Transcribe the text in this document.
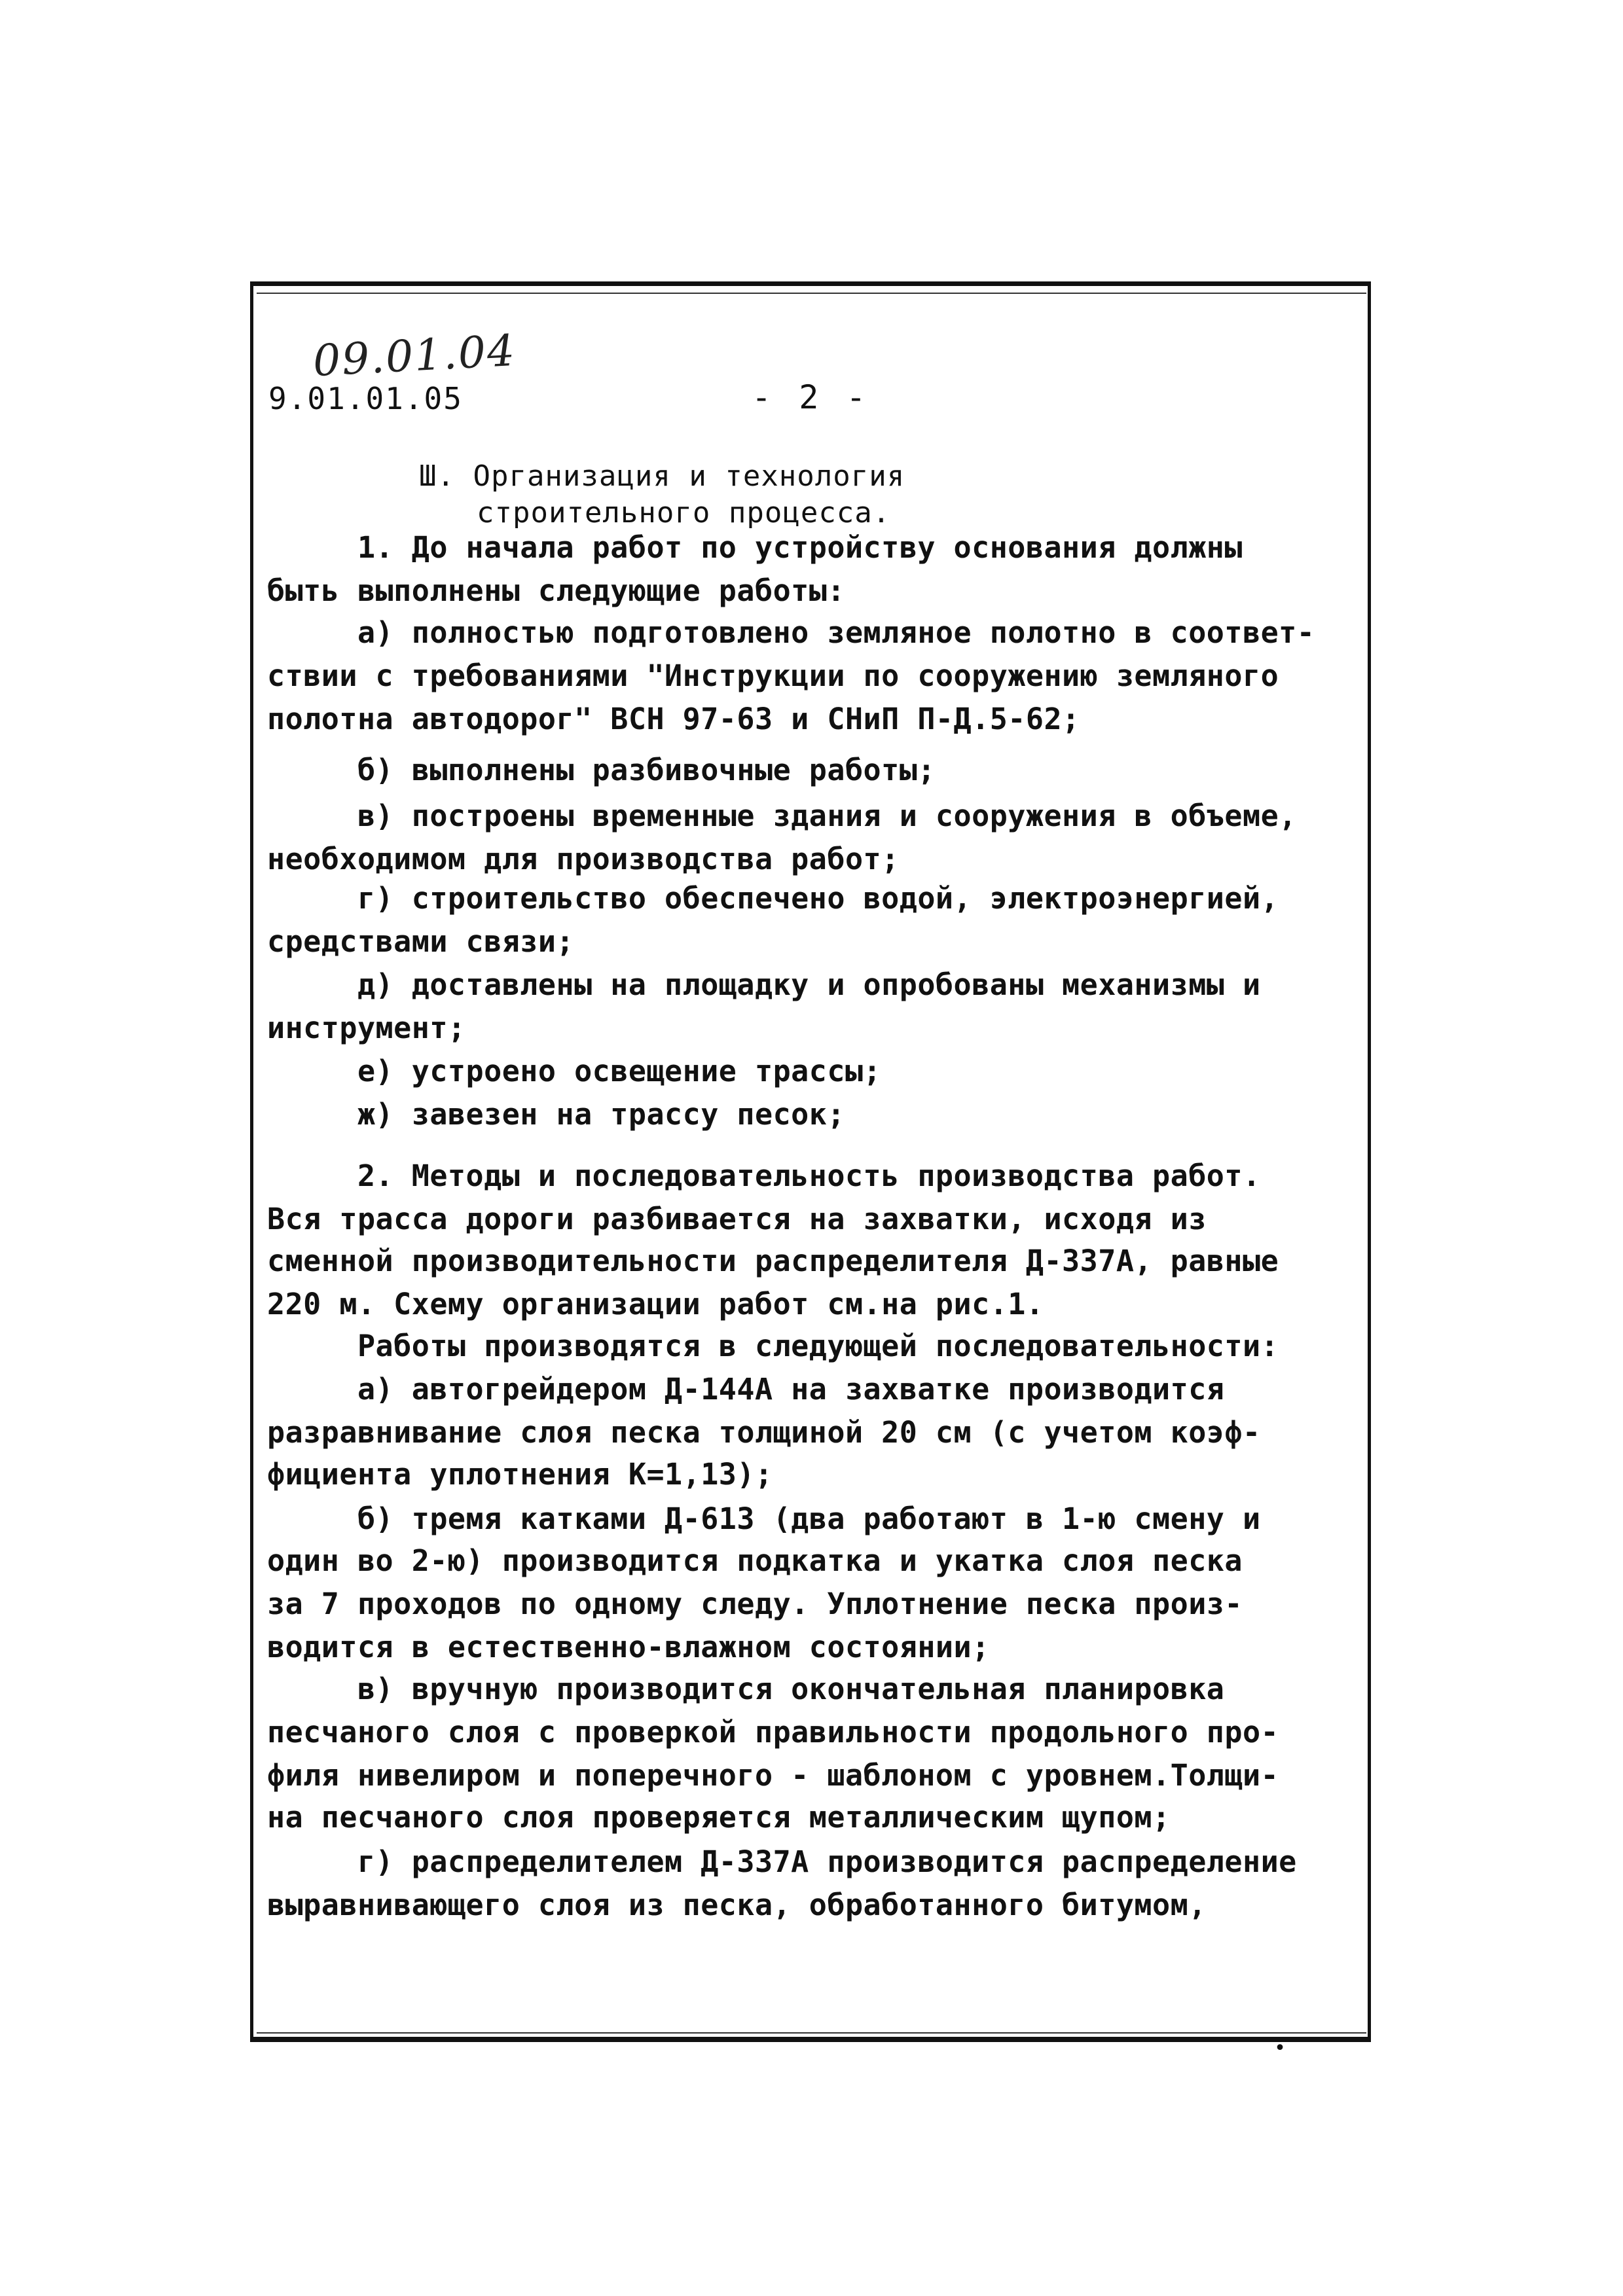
09.01.04
9.01.01.05	- 2 -
Ш. Организация и технология
строительного процесса.
1. До начала работ по устройству основания должны
быть выполнены следующие работы:
а) полностью подготовлено земляное полотно в соответ-
ствии с требованиями "Инструкции по сооружению земляного
полотна автодорог" ВСН 97-63 и СНиП П-Д.5-62;
б) выполнены разбивочные работы;
в) построены временные здания и сооружения в объеме,
необходимом для производства работ;
г) строительство обеспечено водой, электроэнергией,
средствами связи;
д) доставлены на площадку и опробованы механизмы и
инструмент;
е) устроено освещение трассы;
ж) завезен на трассу песок;
2. Методы и последовательность производства работ.
Вся трасса дороги разбивается на захватки, исходя из
сменной производительности распределителя Д-337А, равные
220 м. Схему организации работ см.на рис.1.
Работы производятся в следующей последовательности:
а) автогрейдером Д-144А на захватке производится
разравнивание слоя песка толщиной 20 см (с учетом коэф-
фициента уплотнения К=1,13);
б) тремя катками Д-613 (два работают в 1-ю смену и
один во 2-ю) производится подкатка и укатка слоя песка
за 7 проходов по одному следу. Уплотнение песка произ-
водится в естественно-влажном состоянии;
в) вручную производится окончательная планировка
песчаного слоя с проверкой правильности продольного про-
филя нивелиром и поперечного - шаблоном с уровнем.Толщи-
на песчаного слоя проверяется металлическим щупом;
г) распределителем Д-337А производится распределение
выравнивающего слоя из песка, обработанного битумом,
•
